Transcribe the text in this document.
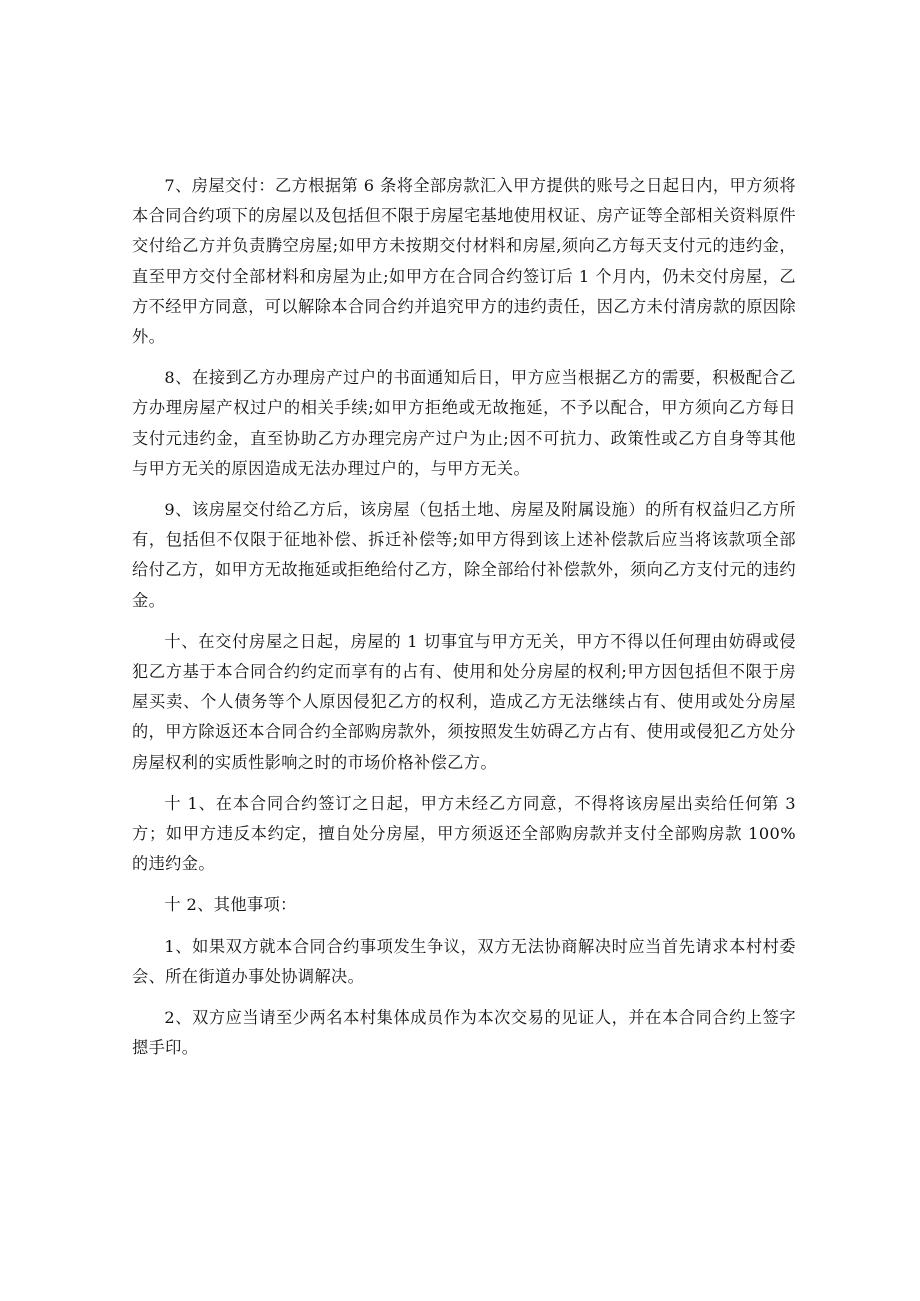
7、房屋交付：乙方根据第 6 条将全部房款汇入甲方提供的账号之日起日内，甲方须将本合同合约项下的房屋以及包括但不限于房屋宅基地使用权证、房产证等全部相关资料原件交付给乙方并负责腾空房屋;如甲方未按期交付材料和房屋,须向乙方每天支付元的违约金，直至甲方交付全部材料和房屋为止;如甲方在合同合约签订后 1 个月内，仍未交付房屋，乙方不经甲方同意，可以解除本合同合约并追究甲方的违约责任，因乙方未付清房款的原因除外。

8、在接到乙方办理房产过户的书面通知后日，甲方应当根据乙方的需要，积极配合乙方办理房屋产权过户的相关手续;如甲方拒绝或无故拖延，不予以配合，甲方须向乙方每日支付元违约金，直至协助乙方办理完房产过户为止;因不可抗力、政策性或乙方自身等其他与甲方无关的原因造成无法办理过户的，与甲方无关。

9、该房屋交付给乙方后，该房屋（包括土地、房屋及附属设施）的所有权益归乙方所有，包括但不仅限于征地补偿、拆迁补偿等;如甲方得到该上述补偿款后应当将该款项全部给付乙方，如甲方无故拖延或拒绝给付乙方，除全部给付补偿款外，须向乙方支付元的违约金。

十、在交付房屋之日起，房屋的 1 切事宜与甲方无关，甲方不得以任何理由妨碍或侵犯乙方基于本合同合约约定而享有的占有、使用和处分房屋的权利;甲方因包括但不限于房屋买卖、个人债务等个人原因侵犯乙方的权利，造成乙方无法继续占有、使用或处分房屋的，甲方除返还本合同合约全部购房款外，须按照发生妨碍乙方占有、使用或侵犯乙方处分房屋权利的实质性影响之时的市场价格补偿乙方。

十 1、在本合同合约签订之日起，甲方未经乙方同意，不得将该房屋出卖给任何第 3 方；如甲方违反本约定，擅自处分房屋，甲方须返还全部购房款并支付全部购房款 100%的违约金。

十 2、其他事项：

1、如果双方就本合同合约事项发生争议，双方无法协商解决时应当首先请求本村村委会、所在街道办事处协调解决。

2、双方应当请至少两名本村集体成员作为本次交易的见证人，并在本合同合约上签字摁手印。
